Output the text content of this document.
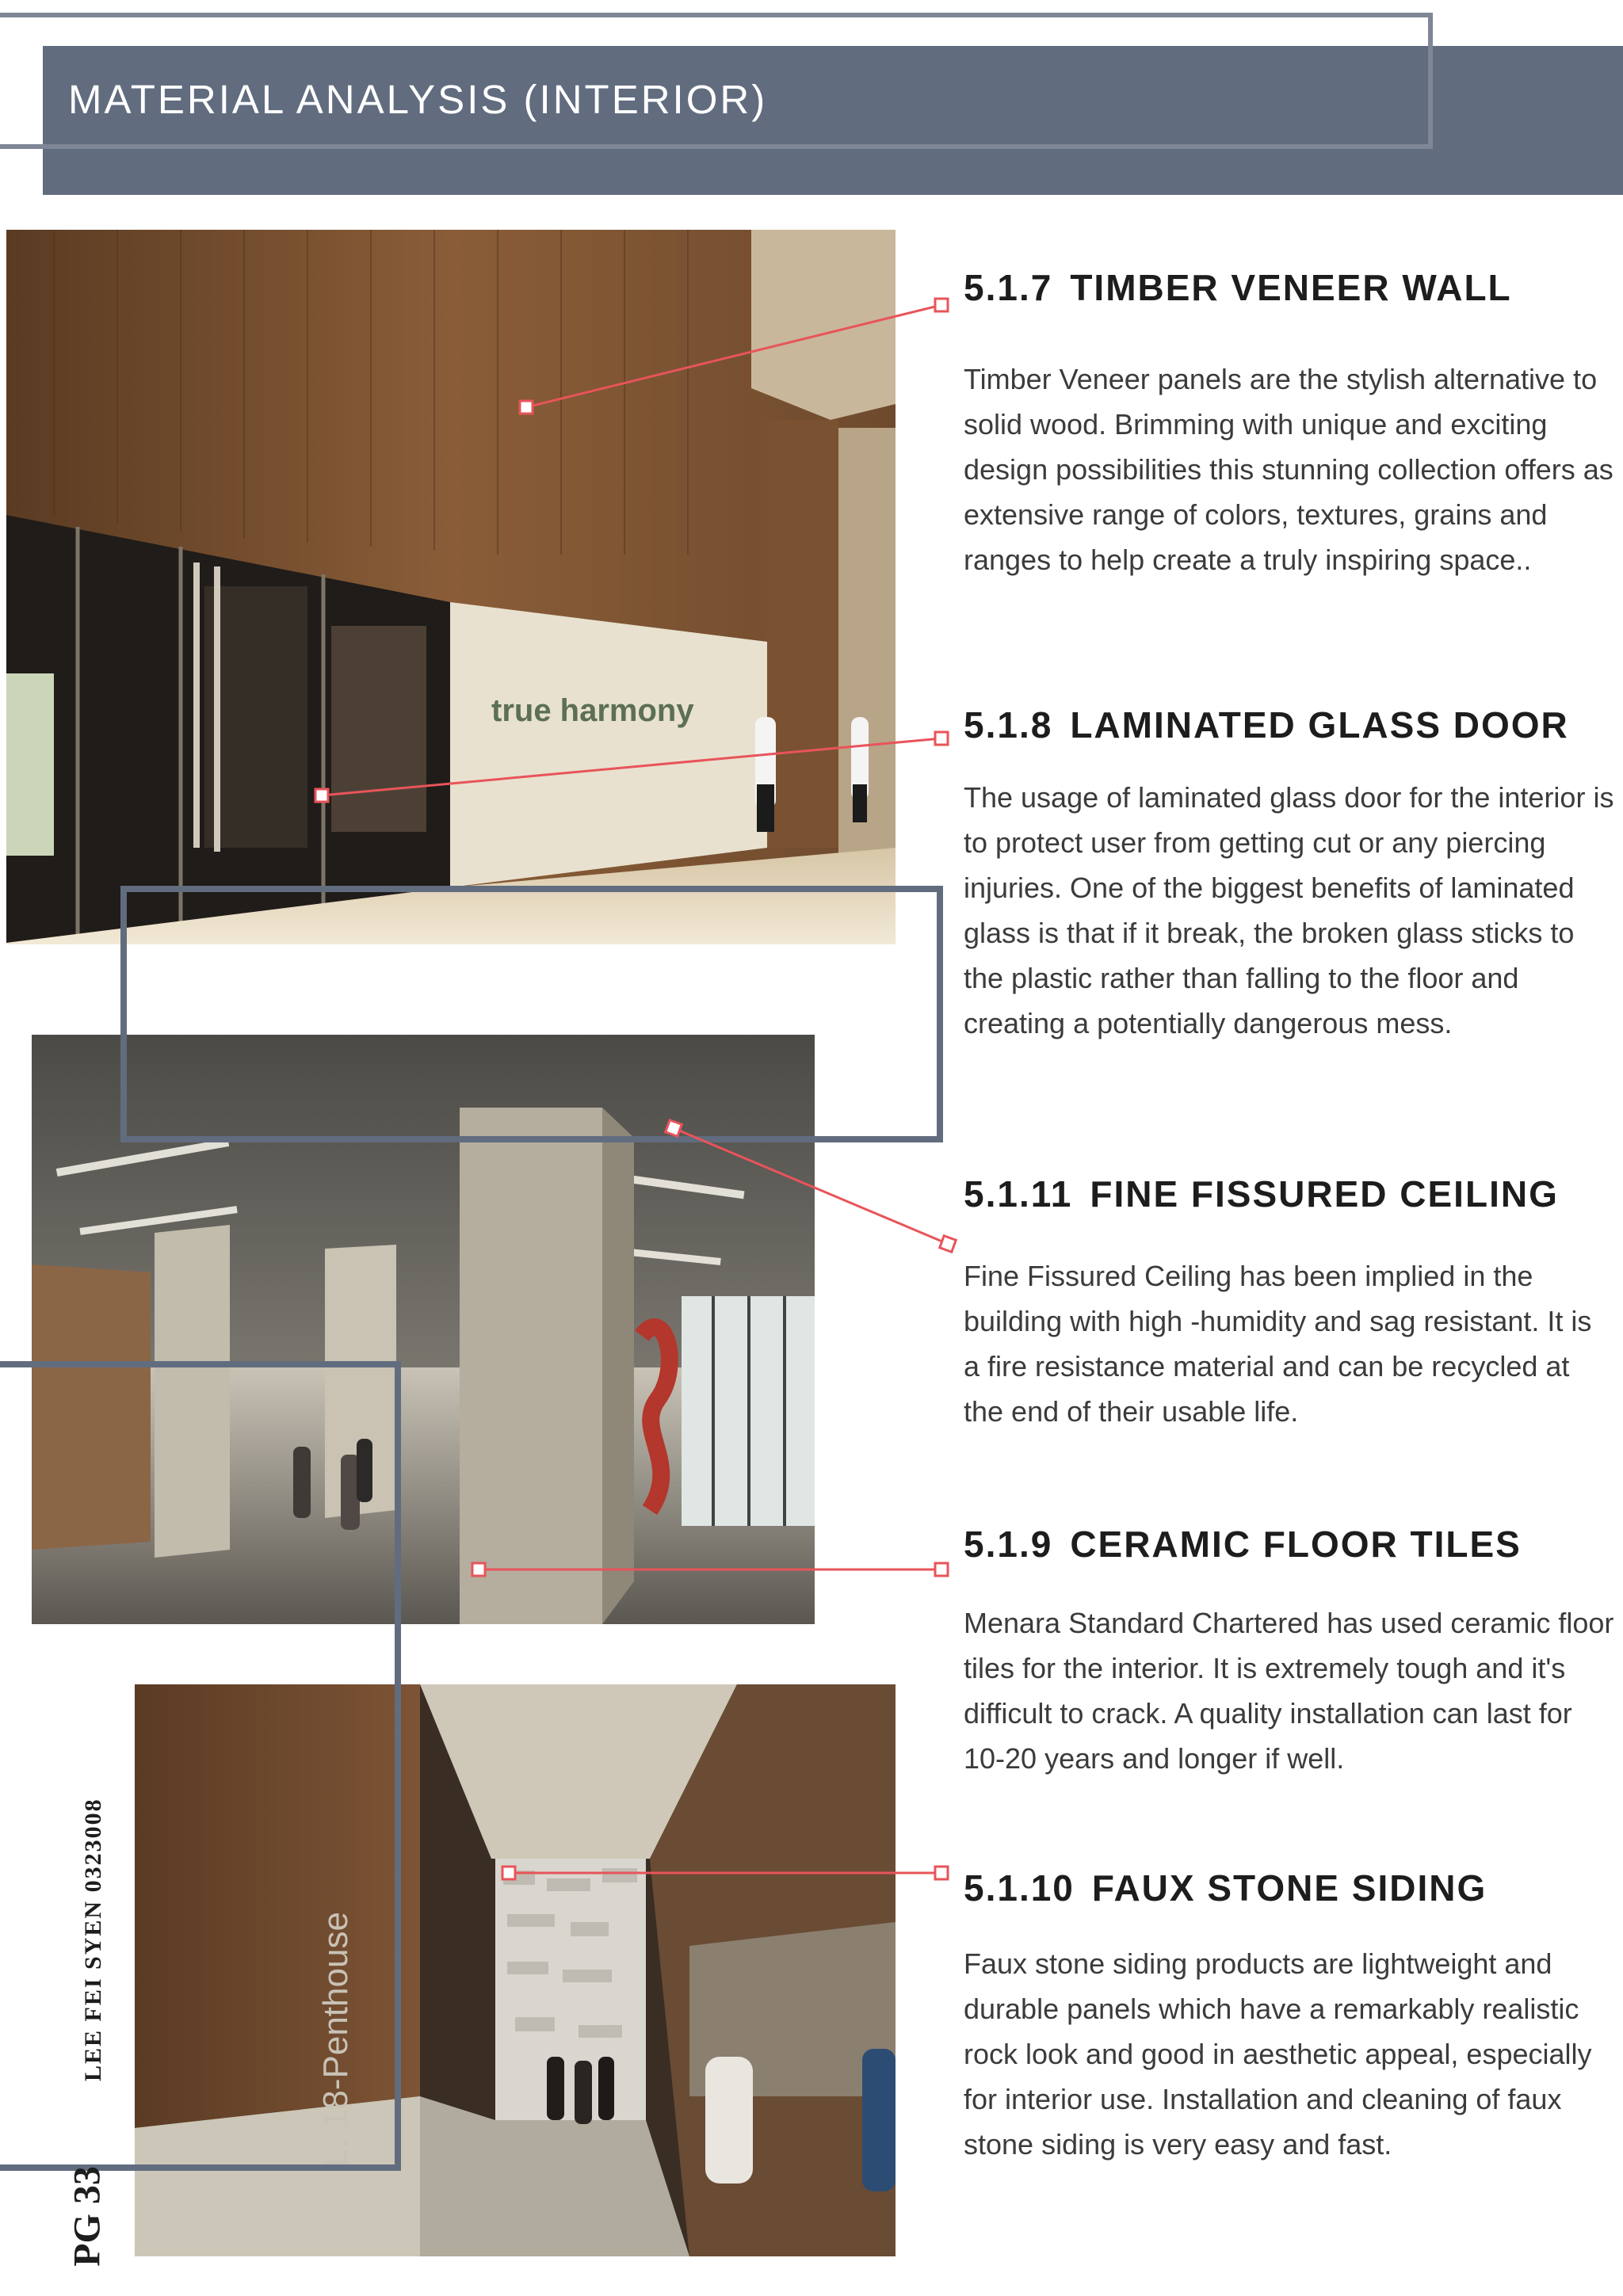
MATERIAL ANALYSIS (INTERIOR)
true harmony
L. 18-Penthouse
5.1.7 TIMBER VENEER WALL
Timber Veneer panels are the stylish alternative to solid wood. Brimming with unique and exciting design possibilities this stunning collection offers as extensive range of colors, textures, grains and ranges to help create a truly inspiring space..
5.1.8 LAMINATED GLASS DOOR
The usage of laminated glass door for the interior is to protect user from getting cut or any piercing injuries. One of the biggest benefits of laminated glass is that if it break, the broken glass sticks to the plastic rather than falling to the floor and creating a potentially dangerous mess.
5.1.11 FINE FISSURED CEILING
Fine Fissured Ceiling has been implied in the building with high -humidity and sag resistant. It is a fire resistance material and can be recycled at the end of their usable life.
5.1.9 CERAMIC FLOOR TILES
Menara Standard Chartered has used ceramic floor tiles for the interior. It is extremely tough and it's difficult to crack. A quality installation can last for 10-20 years and longer if well.
5.1.10 FAUX STONE SIDING
Faux stone siding products are lightweight and durable panels which have a remarkably realistic rock look and good in aesthetic appeal, especially for interior use. Installation and cleaning of faux stone siding is very easy and fast.
LEE FEI SYEN 0323008
PG 33
